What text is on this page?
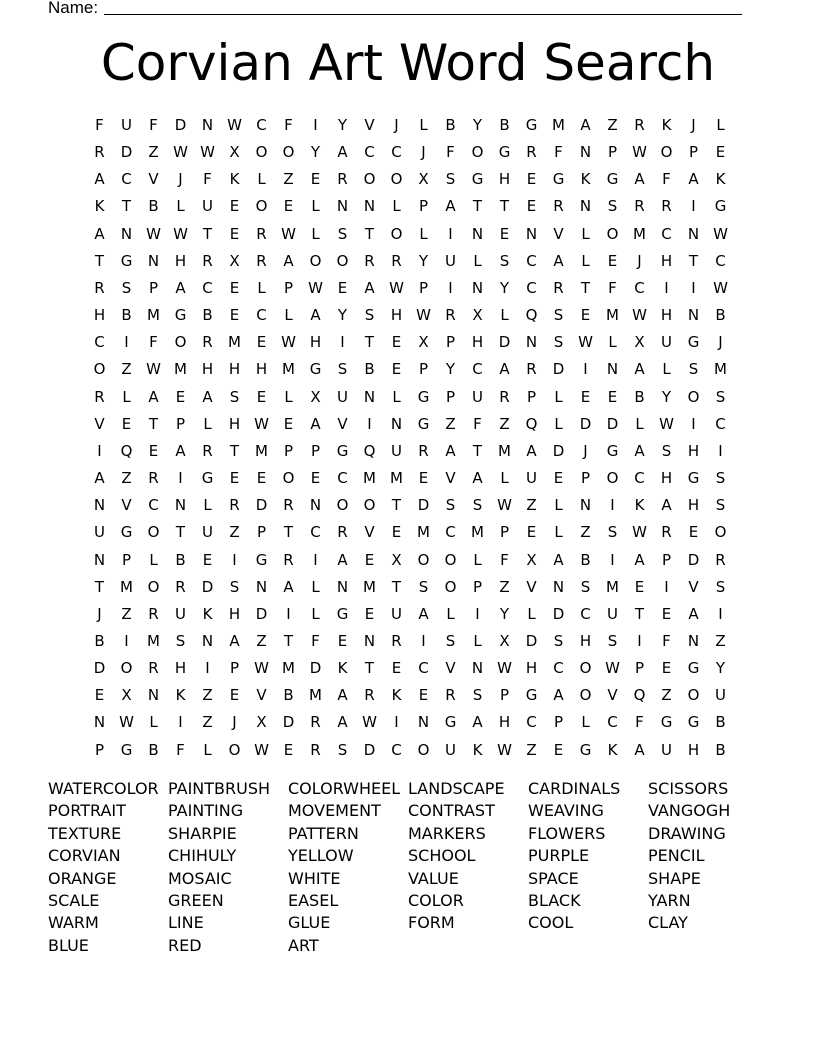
Name:
Corvian Art Word Search
F	U	F	D	N W C	F	I	Y	V	J	L	B	Y	B	G M	A	Z	R	K	J	L
R	D	Z W W X	O	O	Y	A	C	C	J	F	O	G	R	F	N	P	W O	P	E
A	C	V	J	F	K	L	Z	E	R	O	O	X	S	G	H	E	G	K	G	A	F	A	K
K	T	B	L	U	E	O	E	L	N	N	L	P	A	T	T	E	R	N	S	R	R	I	G
A	N W W T	E	R W	L	S	T	O	L	I	N	E	N	V	L	O M	C	N W
T	G	N	H	R	X	R	A	O	O	R	R	Y	U	L	S	C	A	L	E	J	H	T	C
R	S	P	A	C	E	L	P	W E	A W	P	I	N	Y	C	R	T	F	C	I	I	W
H	B	M G	B	E	C	L	A	Y	S	H W R	X	L	Q	S	E	M W H	N	B
C	I	F	O	R	M	E W H	I	T	E	X	P	H	D	N	S W	L	X	U	G	J
O	Z W M H	H	H M G	S	B	E	P	Y	C	A	R	D	I	N	A	L	S	M
R	L	A	E	A	S	E	L	X	U	N	L	G	P	U	R	P	L	E	E	B	Y	O	S
V	E	T	P	L	H W E	A	V	I	N	G	Z	F	Z	Q	L	D	D	L	W	I	C
I	Q	E	A	R	T	M	P	P	G	Q	U	R	A	T	M	A	D	J	G	A	S	H	I
A	Z	R	I	G	E	E	O	E	C	M M	E	V	A	L	U	E	P	O	C	H	G	S
N	V	C	N	L	R	D	R	N	O	O	T	D	S	S W Z	L	N	I	K	A	H	S
U	G	O	T	U	Z	P	T	C	R	V	E	M	C	M	P	E	L	Z	S W R	E	O
N	P	L	B	E	I	G	R	I	A	E	X	O	O	L	F	X	A	B	I	A	P	D	R
T	M O	R	D	S	N	A	L	N M	T	S	O	P	Z	V	N	S	M	E	I	V	S
J	Z	R	U	K	H	D	I	L	G	E	U	A	L	I	Y	L	D	C	U	T	E	A	I
B	I	M	S	N	A	Z	T	F	E	N	R	I	S	L	X	D	S	H	S	I	F	N	Z
D	O	R	H	I	P	W M D	K	T	E	C	V	N W H	C	O W	P	E	G	Y
E	X	N	K	Z	E	V	B	M	A	R	K	E	R	S	P	G	A	O	V	Q	Z	O	U
N W	L	I	Z	J	X	D	R	A W	I	N	G	A	H	C	P	L	C	F	G	G	B
P	G	B	F	L	O W E	R	S	D	C	O	U	K W Z	E	G	K	A	U	H	B
WATERCOLOR PAINTBRUSH	COLORWHEEL LANDSCAPE	CARDINALS	SCISSORS
PORTRAIT	PAINTING	MOVEMENT	CONTRAST	WEAVING	VANGOGH
TEXTURE	SHARPIE	PATTERN	MARKERS	FLOWERS	DRAWING
CORVIAN	CHIHULY	YELLOW	SCHOOL	PURPLE	PENCIL
ORANGE	MOSAIC	WHITE	VALUE	SPACE	SHAPE
SCALE	GREEN	EASEL	COLOR	BLACK	YARN
WARM	LINE	GLUE	FORM	COOL	CLAY
BLUE	RED	ART
